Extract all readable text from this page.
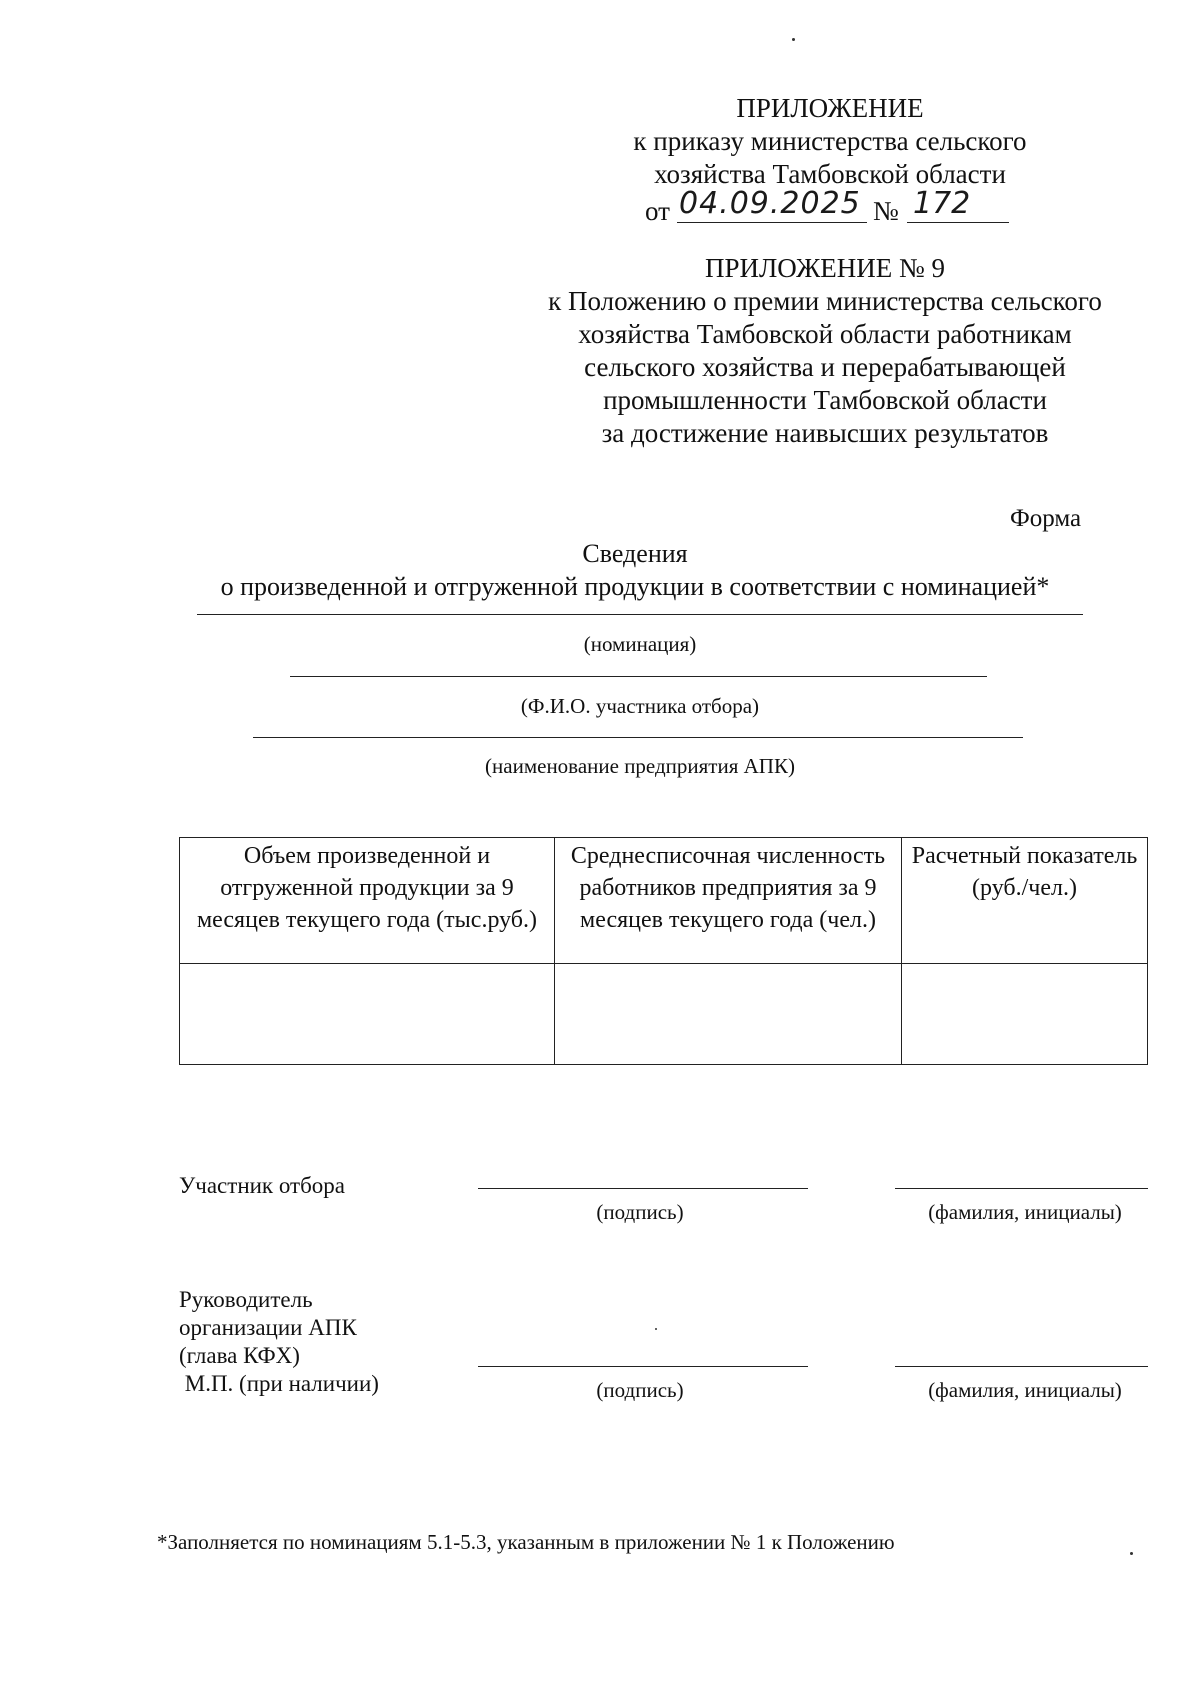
ПРИЛОЖЕНИЕ
к приказу министерства сельского
хозяйства Тамбовской области
от 04.09.2025 № 172
ПРИЛОЖЕНИЕ № 9
к Положению о премии министерства сельского
хозяйства Тамбовской области работникам
сельского хозяйства и перерабатывающей
промышленности Тамбовской области
за достижение наивысших результатов
Форма
Сведения
о произведенной и отгруженной продукции в соответствии с номинацией*
(номинация)
(Ф.И.О. участника отбора)
(наименование предприятия АПК)
Объем произведенной и отгруженной продукции за 9 месяцев текущего года (тыс.руб.)	Среднесписочная численность работников предприятия за 9 месяцев текущего года (чел.)	Расчетный показатель (руб./чел.)

Участник отбора
(подпись)	(фамилия, инициалы)
Руководитель
организации АПК
(глава КФХ)
М.П. (при наличии)	(подпись)	(фамилия, инициалы)
*Заполняется по номинациям 5.1-5.3, указанным в приложении № 1 к Положению
